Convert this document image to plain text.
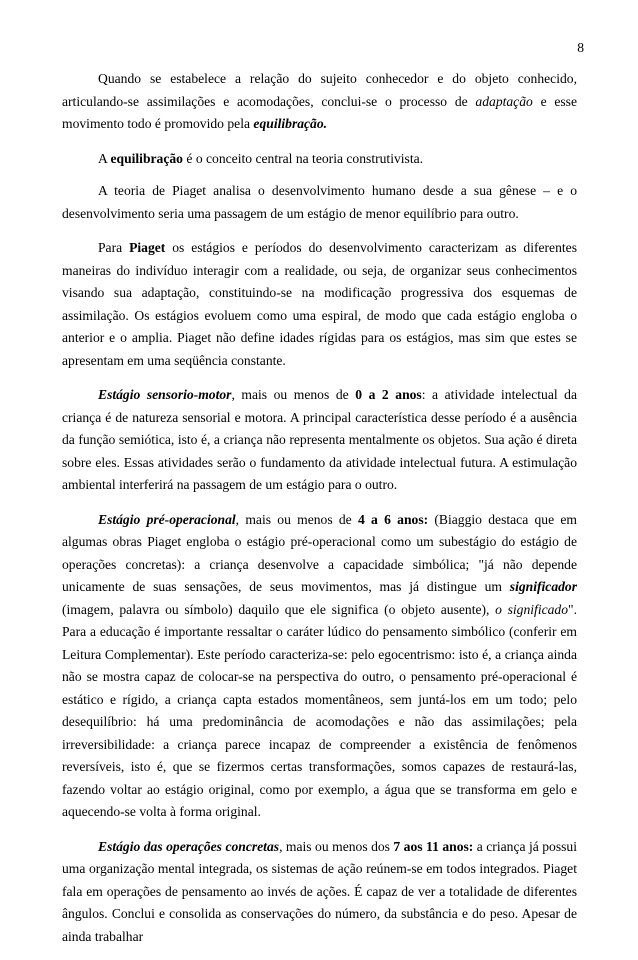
8

Quando se estabelece a relação do sujeito conhecedor e do objeto conhecido, articulando-se assimilações e acomodações, conclui-se o processo de adaptação e esse movimento todo é promovido pela equilibração.

A equilibração é o conceito central na teoria construtivista.

A teoria de Piaget analisa o desenvolvimento humano desde a sua gênese – e o desenvolvimento seria uma passagem de um estágio de menor equilíbrio para outro.

Para Piaget os estágios e períodos do desenvolvimento caracterizam as diferentes maneiras do indivíduo interagir com a realidade, ou seja, de organizar seus conhecimentos visando sua adaptação, constituindo-se na modificação progressiva dos esquemas de assimilação. Os estágios evoluem como uma espiral, de modo que cada estágio engloba o anterior e o amplia. Piaget não define idades rígidas para os estágios, mas sim que estes se apresentam em uma seqüência constante.

Estágio sensorio-motor, mais ou menos de 0 a 2 anos: a atividade intelectual da criança é de natureza sensorial e motora. A principal característica desse período é a ausência da função semiótica, isto é, a criança não representa mentalmente os objetos. Sua ação é direta sobre eles. Essas atividades serão o fundamento da atividade intelectual futura. A estimulação ambiental interferirá na passagem de um estágio para o outro.

Estágio pré-operacional, mais ou menos de 4 a 6 anos: (Biaggio destaca que em algumas obras Piaget engloba o estágio pré-operacional como um subestágio do estágio de operações concretas): a criança desenvolve a capacidade simbólica; "já não depende unicamente de suas sensações, de seus movimentos, mas já distingue um significador (imagem, palavra ou símbolo) daquilo que ele significa (o objeto ausente), o significado". Para a educação é importante ressaltar o caráter lúdico do pensamento simbólico (conferir em Leitura Complementar). Este período caracteriza-se: pelo egocentrismo: isto é, a criança ainda não se mostra capaz de colocar-se na perspectiva do outro, o pensamento pré-operacional é estático e rígido, a criança capta estados momentâneos, sem juntá-los em um todo; pelo desequilíbrio: há uma predominância de acomodações e não das assimilações; pela irreversibilidade: a criança parece incapaz de compreender a existência de fenômenos reversíveis, isto é, que se fizermos certas transformações, somos capazes de restaurá-las, fazendo voltar ao estágio original, como por exemplo, a água que se transforma em gelo e aquecendo-se volta à forma original.

Estágio das operações concretas, mais ou menos dos 7 aos 11 anos: a criança já possui uma organização mental integrada, os sistemas de ação reúnem-se em todos integrados. Piaget fala em operações de pensamento ao invés de ações. É capaz de ver a totalidade de diferentes ângulos. Conclui e consolida as conservações do número, da substância e do peso. Apesar de ainda trabalhar
